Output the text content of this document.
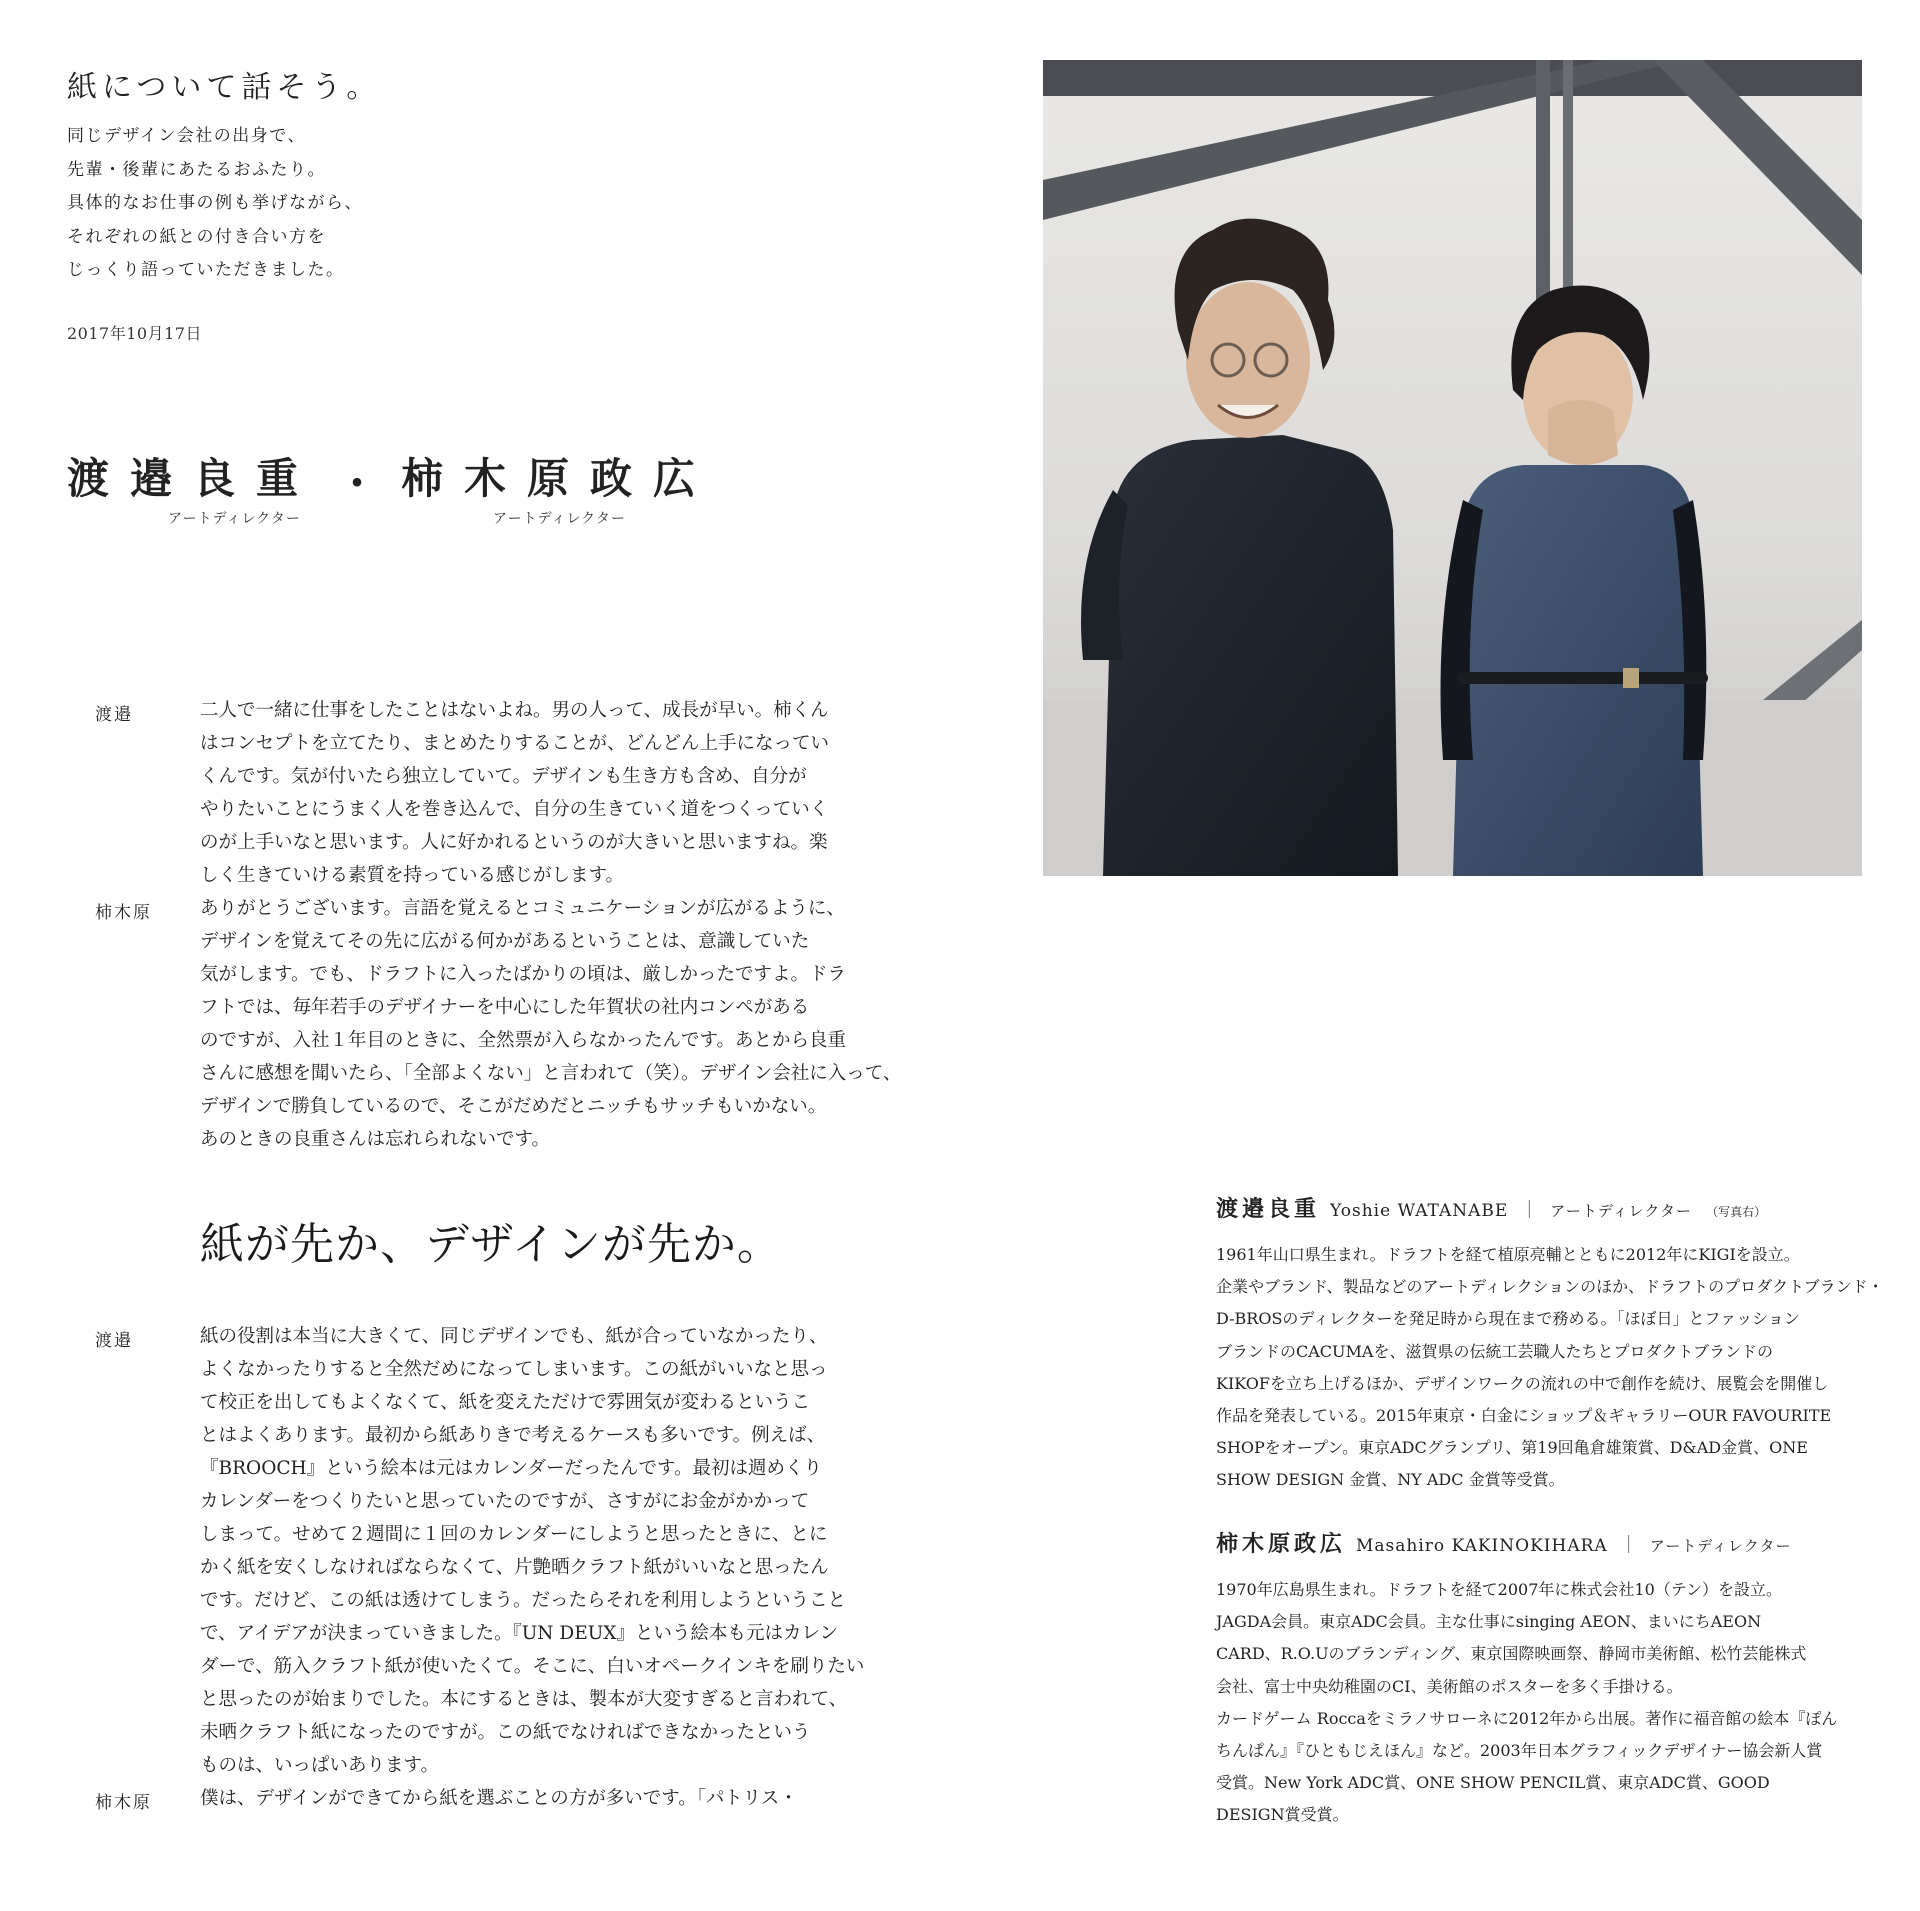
紙について話そう。
同じデザイン会社の出身で、
先輩・後輩にあたるおふたり。
具体的なお仕事の例も挙げながら、
それぞれの紙との付き合い方を
じっくり語っていただきました。
2017年10月17日
渡邉良重
アートディレクター
・ 柿木原政広
アートディレクター
渡邉	二人で一緒に仕事をしたことはないよね。男の人って、成長が早い。柿くん
はコンセプトを立てたり、まとめたりすることが、どんどん上手になってい
くんです。気が付いたら独立していて。デザインも生き方も含め、自分が
やりたいことにうまく人を巻き込んで、自分の生きていく道をつくっていく
のが上手いなと思います。人に好かれるというのが大きいと思いますね。楽
しく生きていける素質を持っている感じがします。
柿木原	ありがとうございます。言語を覚えるとコミュニケーションが広がるように、
デザインを覚えてその先に広がる何かがあるということは、意識していた
気がします。でも、ドラフトに入ったばかりの頃は、厳しかったですよ。ドラ
フトでは、毎年若手のデザイナーを中心にした年賀状の社内コンペがある
のですが、入社１年目のときに、全然票が入らなかったんです。あとから良重
さんに感想を聞いたら、「全部よくない」と言われて（笑）。デザイン会社に入って、
デザインで勝負しているので、そこがだめだとニッチもサッチもいかない。
あのときの良重さんは忘れられないです。
紙が先か、デザインが先か。
渡邉	紙の役割は本当に大きくて、同じデザインでも、紙が合っていなかったり、
よくなかったりすると全然だめになってしまいます。この紙がいいなと思っ
て校正を出してもよくなくて、紙を変えただけで雰囲気が変わるというこ
とはよくあります。最初から紙ありきで考えるケースも多いです。例えば、
『BROOCH』という絵本は元はカレンダーだったんです。最初は週めくり
カレンダーをつくりたいと思っていたのですが、さすがにお金がかかって
しまって。せめて２週間に１回のカレンダーにしようと思ったときに、とに
かく紙を安くしなければならなくて、片艶晒クラフト紙がいいなと思ったん
です。だけど、この紙は透けてしまう。だったらそれを利用しようということ
で、アイデアが決まっていきました。『UN DEUX』という絵本も元はカレン
ダーで、筋入クラフト紙が使いたくて。そこに、白いオペークインキを刷りたい
と思ったのが始まりでした。本にするときは、製本が大変すぎると言われて、
未晒クラフト紙になったのですが。この紙でなければできなかったという
ものは、いっぱいあります。
柿木原	僕は、デザインができてから紙を選ぶことの方が多いです。「パトリス・
渡邉良重 Yoshie WATANABE ｜ アートディレクター （写真右）
1961年山口県生まれ。ドラフトを経て植原亮輔とともに2012年にKIGIを設立。
企業やブランド、製品などのアートディレクションのほか、ドラフトのプロダクトブランド・
D-BROSのディレクターを発足時から現在まで務める。「ほぼ日」とファッション
ブランドのCACUMAを、滋賀県の伝統工芸職人たちとプロダクトブランドの
KIKOFを立ち上げるほか、デザインワークの流れの中で創作を続け、展覧会を開催し
作品を発表している。2015年東京・白金にショップ＆ギャラリーOUR FAVOURITE
SHOPをオープン。東京ADCグランプリ、第19回亀倉雄策賞、D&AD金賞、ONE
SHOW DESIGN 金賞、NY ADC 金賞等受賞。
柿木原政広 Masahiro KAKINOKIHARA ｜ アートディレクター
1970年広島県生まれ。ドラフトを経て2007年に株式会社10（テン）を設立。
JAGDA会員。東京ADC会員。主な仕事にsinging AEON、まいにちAEON
CARD、R.O.Uのブランディング、東京国際映画祭、静岡市美術館、松竹芸能株式
会社、富士中央幼稚園のCI、美術館のポスターを多く手掛ける。
カードゲーム Roccaをミラノサローネに2012年から出展。著作に福音館の絵本『ぽん
ちんぱん』『ひともじえほん』など。2003年日本グラフィックデザイナー協会新人賞
受賞。New York ADC賞、ONE SHOW PENCIL賞、東京ADC賞、GOOD
DESIGN賞受賞。
